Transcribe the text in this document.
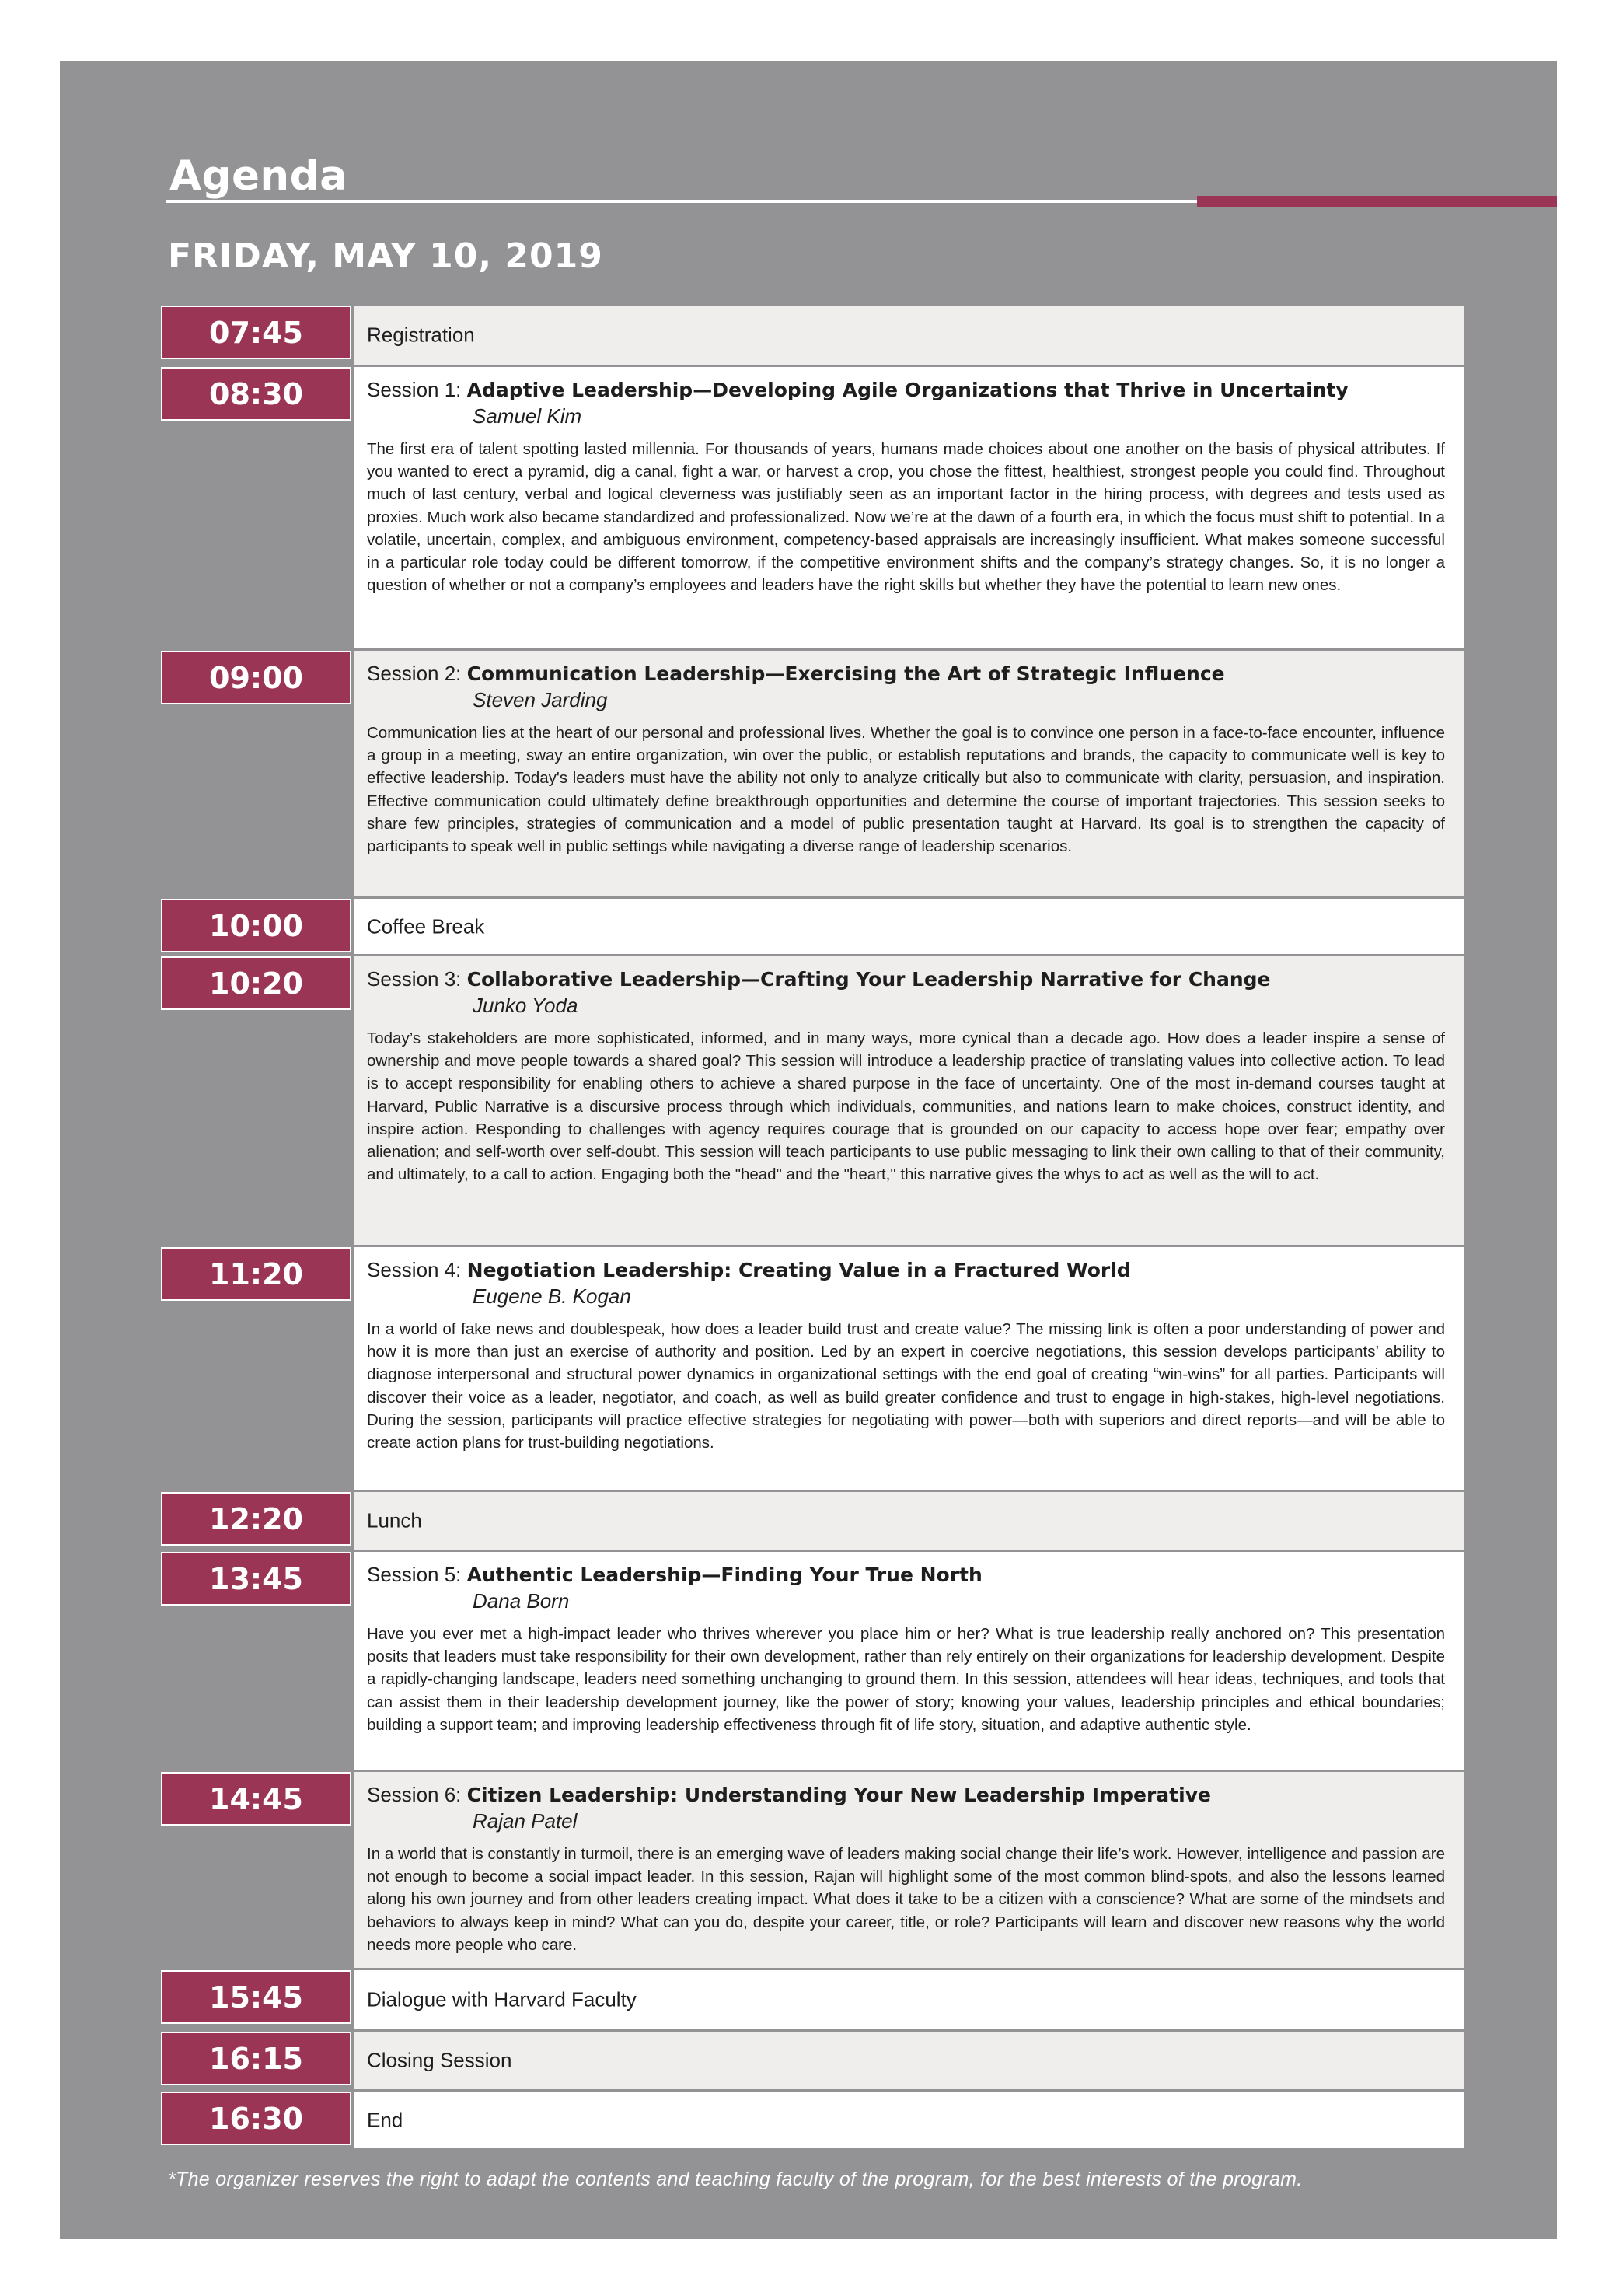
Agenda
FRIDAY, MAY 10, 2019
07:45	Registration
08:30	Session 1: Adaptive Leadership—Developing Agile Organizations that Thrive in Uncertainty
Samuel Kim
The first era of talent spotting lasted millennia. For thousands of years, humans made choices about one another on the basis of physical attributes. If you wanted to erect a pyramid, dig a canal, fight a war, or harvest a crop, you chose the fittest, healthiest, strongest people you could find. Throughout much of last century, verbal and logical cleverness was justifiably seen as an important factor in the hiring process, with degrees and tests used as proxies. Much work also became standardized and professionalized. Now we’re at the dawn of a fourth era, in which the focus must shift to potential. In a volatile, uncertain, complex, and ambiguous environment, competency-based appraisals are increasingly insufficient. What makes someone successful in a particular role today could be different tomorrow, if the competitive environment shifts and the company’s strategy changes. So, it is no longer a question of whether or not a company’s employees and leaders have the right skills but whether they have the potential to learn new ones.
09:00	Session 2: Communication Leadership—Exercising the Art of Strategic Influence
Steven Jarding
Communication lies at the heart of our personal and professional lives. Whether the goal is to convince one person in a face-to-face encounter, influence a group in a meeting, sway an entire organization, win over the public, or establish reputations and brands, the capacity to communicate well is key to effective leadership. Today's leaders must have the ability not only to analyze critically but also to communicate with clarity, persuasion, and inspiration. Effective communication could ultimately define breakthrough opportunities and determine the course of important trajectories. This session seeks to share few principles, strategies of communication and a model of public presentation taught at Harvard. Its goal is to strengthen the capacity of participants to speak well in public settings while navigating a diverse range of leadership scenarios.
10:00	Coffee Break
10:20	Session 3: Collaborative Leadership—Crafting Your Leadership Narrative for Change
Junko Yoda
Today’s stakeholders are more sophisticated, informed, and in many ways, more cynical than a decade ago. How does a leader inspire a sense of ownership and move people towards a shared goal? This session will introduce a leadership practice of translating values into collective action. To lead is to accept responsibility for enabling others to achieve a shared purpose in the face of uncertainty. One of the most in-demand courses taught at Harvard, Public Narrative is a discursive process through which individuals, communities, and nations learn to make choices, construct identity, and inspire action. Responding to challenges with agency requires courage that is grounded on our capacity to access hope over fear; empathy over alienation; and self-worth over self-doubt. This session will teach participants to use public messaging to link their own calling to that of their community, and ultimately, to a call to action. Engaging both the "head" and the "heart," this narrative gives the whys to act as well as the will to act.
11:20	Session 4: Negotiation Leadership: Creating Value in a Fractured World
Eugene B. Kogan
In a world of fake news and doublespeak, how does a leader build trust and create value? The missing link is often a poor understanding of power and how it is more than just an exercise of authority and position. Led by an expert in coercive negotiations, this session develops participants’ ability to diagnose interpersonal and structural power dynamics in organizational settings with the end goal of creating “win-wins” for all parties. Participants will discover their voice as a leader, negotiator, and coach, as well as build greater confidence and trust to engage in high-stakes, high-level negotiations. During the session, participants will practice effective strategies for negotiating with power—both with superiors and direct reports—and will be able to create action plans for trust-building negotiations.
12:20	Lunch
13:45	Session 5: Authentic Leadership—Finding Your True North
Dana Born
Have you ever met a high-impact leader who thrives wherever you place him or her? What is true leadership really anchored on? This presentation posits that leaders must take responsibility for their own development, rather than rely entirely on their organizations for leadership development. Despite a rapidly-changing landscape, leaders need something unchanging to ground them. In this session, attendees will hear ideas, techniques, and tools that can assist them in their leadership development journey, like the power of story; knowing your values, leadership principles and ethical boundaries; building a support team; and improving leadership effectiveness through fit of life story, situation, and adaptive authentic style.
14:45	Session 6: Citizen Leadership: Understanding Your New Leadership Imperative
Rajan Patel
In a world that is constantly in turmoil, there is an emerging wave of leaders making social change their life’s work. However, intelligence and passion are not enough to become a social impact leader. In this session, Rajan will highlight some of the most common blind-spots, and also the lessons learned along his own journey and from other leaders creating impact. What does it take to be a citizen with a conscience? What are some of the mindsets and behaviors to always keep in mind? What can you do, despite your career, title, or role? Participants will learn and discover new reasons why the world needs more people who care.
15:45	Dialogue with Harvard Faculty
16:15	Closing Session
16:30	End
*The organizer reserves the right to adapt the contents and teaching faculty of the program, for the best interests of the program.
